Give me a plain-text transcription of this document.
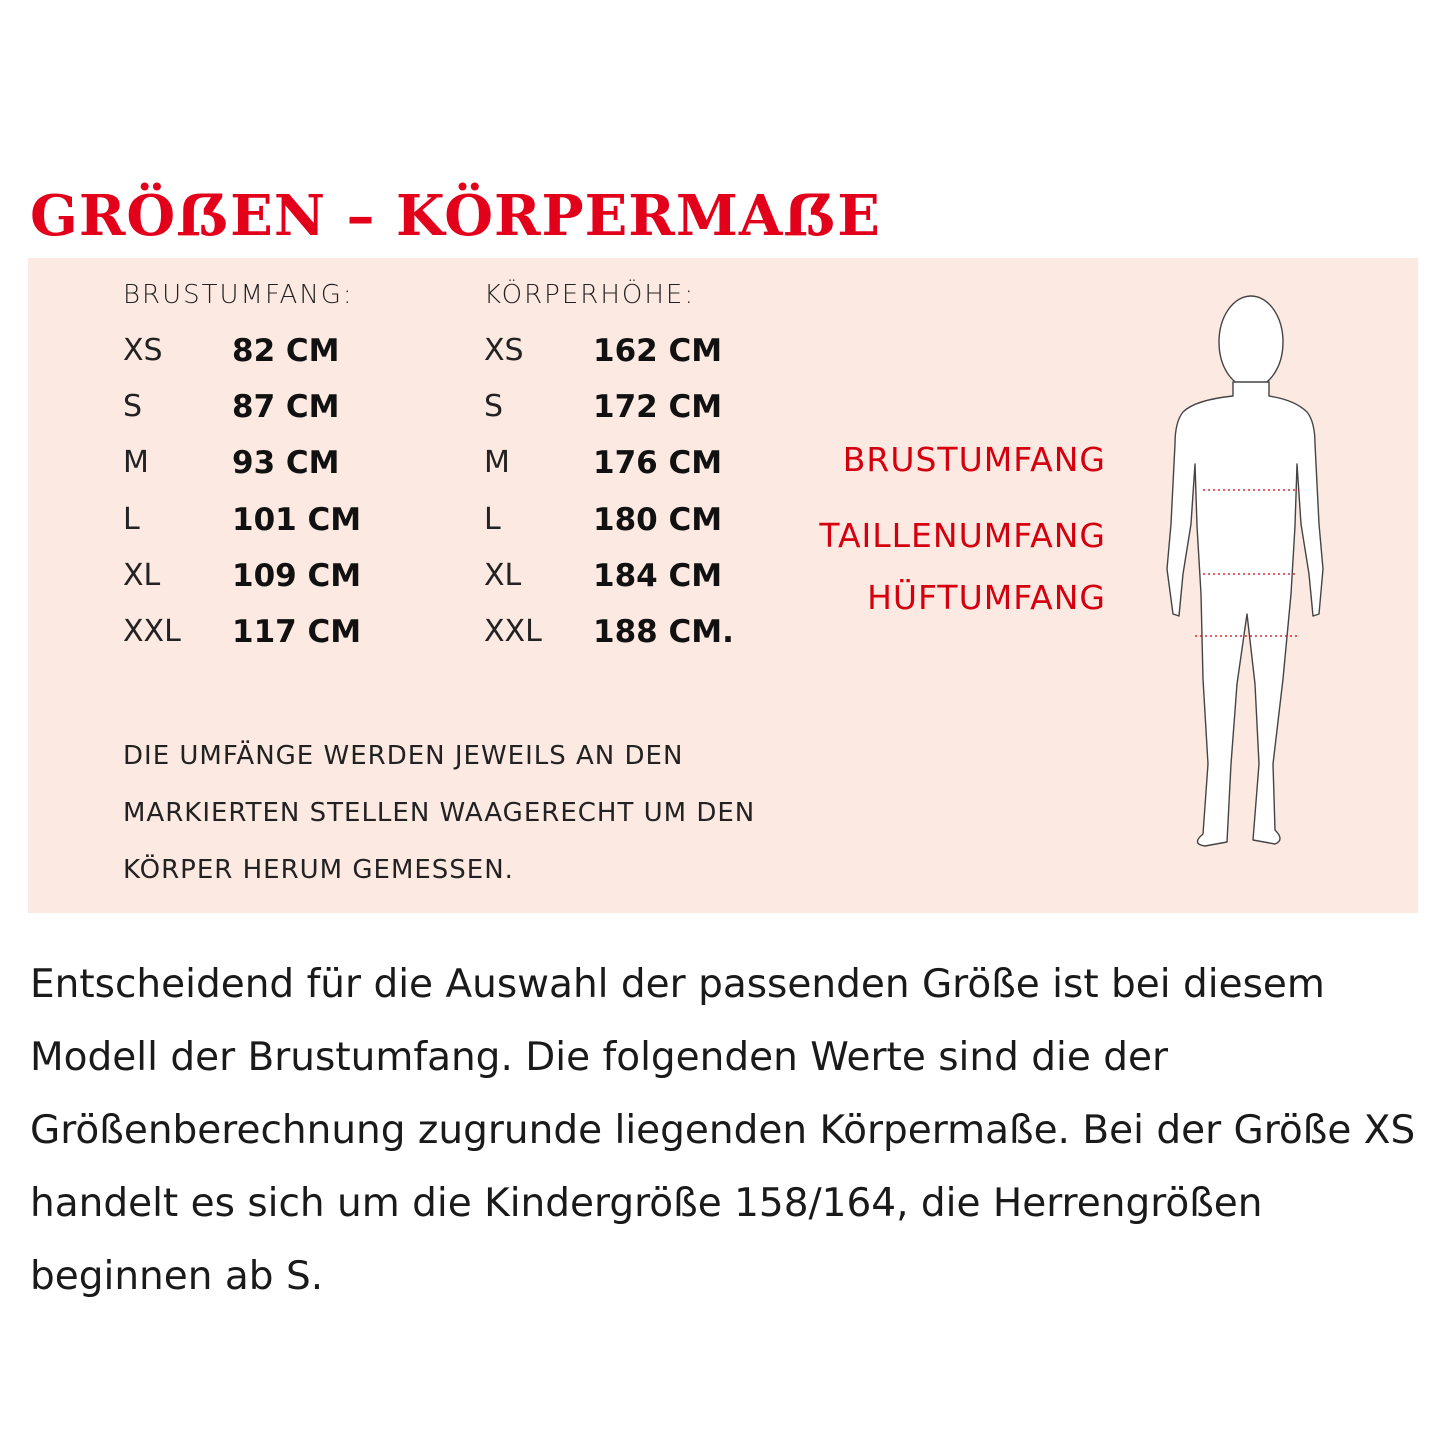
GRÖẞEN – KÖRPERMAẞE
BRUSTUMFANG:
XS	82 CM
S	87 CM
M	93 CM
L	101 CM
XL	109 CM
XXL	117 CM
KÖRPERHÖHE:
XS	162 CM
S	172 CM
M	176 CM
L	180 CM
XL	184 CM
XXL	188 CM.
DIE UMFÄNGE WERDEN JEWEILS AN DEN MARKIERTEN STELLEN WAAGERECHT UM DEN KÖRPER HERUM GEMESSEN.
BRUSTUMFANG
TAILLENUMFANG
HÜFTUMFANG
Entscheidend für die Auswahl der passenden Größe ist bei diesem Modell der Brustumfang. Die folgenden Werte sind die der Größenberechnung zugrunde liegenden Körpermaße. Bei der Größe XS handelt es sich um die Kindergröße 158/164, die Herrengrößen beginnen ab S.
